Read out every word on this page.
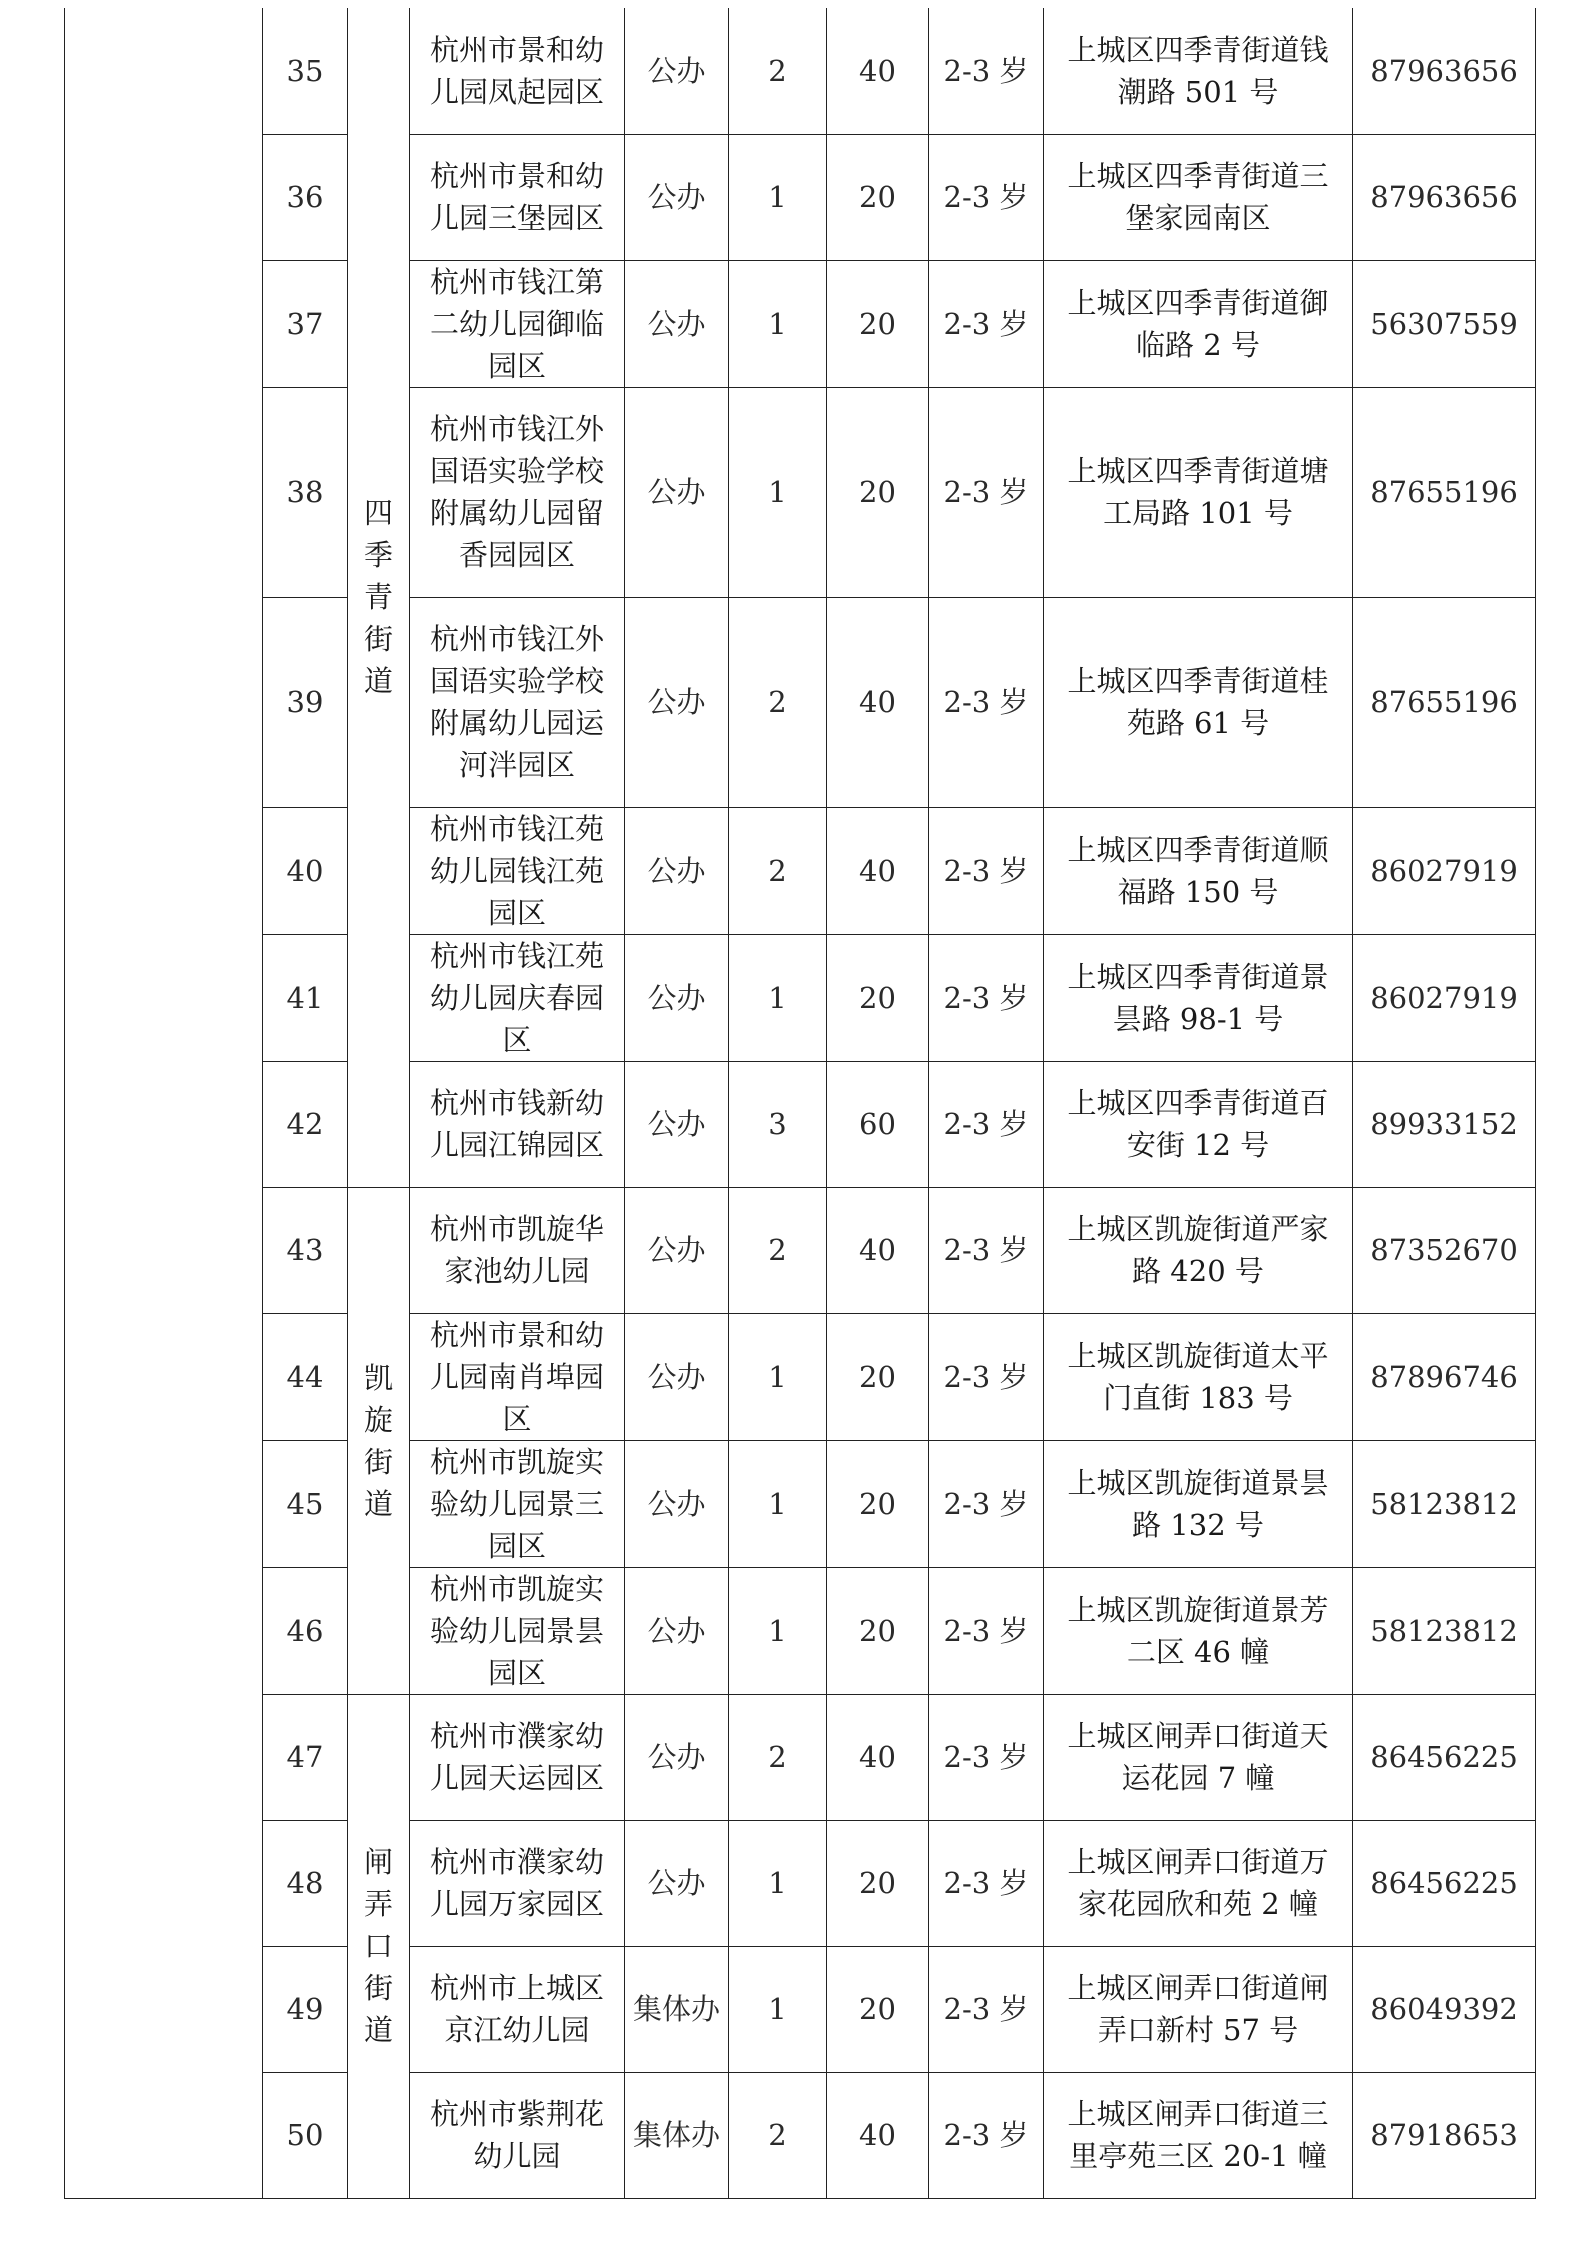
	35	四季青街道	杭州市景和幼儿园凤起园区	公办	2	40	2-3 岁	上城区四季青街道钱潮路 501 号	87963656
	36		杭州市景和幼儿园三堡园区	公办	1	20	2-3 岁	上城区四季青街道三堡家园南区	87963656
	37		杭州市钱江第二幼儿园御临园区	公办	1	20	2-3 岁	上城区四季青街道御临路 2 号	56307559
	38		杭州市钱江外国语实验学校附属幼儿园留香园园区	公办	1	20	2-3 岁	上城区四季青街道塘工局路 101 号	87655196
	39		杭州市钱江外国语实验学校附属幼儿园运河泮园区	公办	2	40	2-3 岁	上城区四季青街道桂苑路 61 号	87655196
	40		杭州市钱江苑幼儿园钱江苑园区	公办	2	40	2-3 岁	上城区四季青街道顺福路 150 号	86027919
	41		杭州市钱江苑幼儿园庆春园区	公办	1	20	2-3 岁	上城区四季青街道景昙路 98-1 号	86027919
	42		杭州市钱新幼儿园江锦园区	公办	3	60	2-3 岁	上城区四季青街道百安街 12 号	89933152
	43	凯旋街道	杭州市凯旋华家池幼儿园	公办	2	40	2-3 岁	上城区凯旋街道严家路 420 号	87352670
	44		杭州市景和幼儿园南肖埠园区	公办	1	20	2-3 岁	上城区凯旋街道太平门直街 183 号	87896746
	45		杭州市凯旋实验幼儿园景三园区	公办	1	20	2-3 岁	上城区凯旋街道景昙路 132 号	58123812
	46		杭州市凯旋实验幼儿园景昙园区	公办	1	20	2-3 岁	上城区凯旋街道景芳二区 46 幢	58123812
	47	闸弄口街道	杭州市濮家幼儿园天运园区	公办	2	40	2-3 岁	上城区闸弄口街道天运花园 7 幢	86456225
	48		杭州市濮家幼儿园万家园区	公办	1	20	2-3 岁	上城区闸弄口街道万家花园欣和苑 2 幢	86456225
	49		杭州市上城区京江幼儿园	集体办	1	20	2-3 岁	上城区闸弄口街道闸弄口新村 57 号	86049392
	50		杭州市紫荆花幼儿园	集体办	2	40	2-3 岁	上城区闸弄口街道三里亭苑三区 20-1 幢	87918653
